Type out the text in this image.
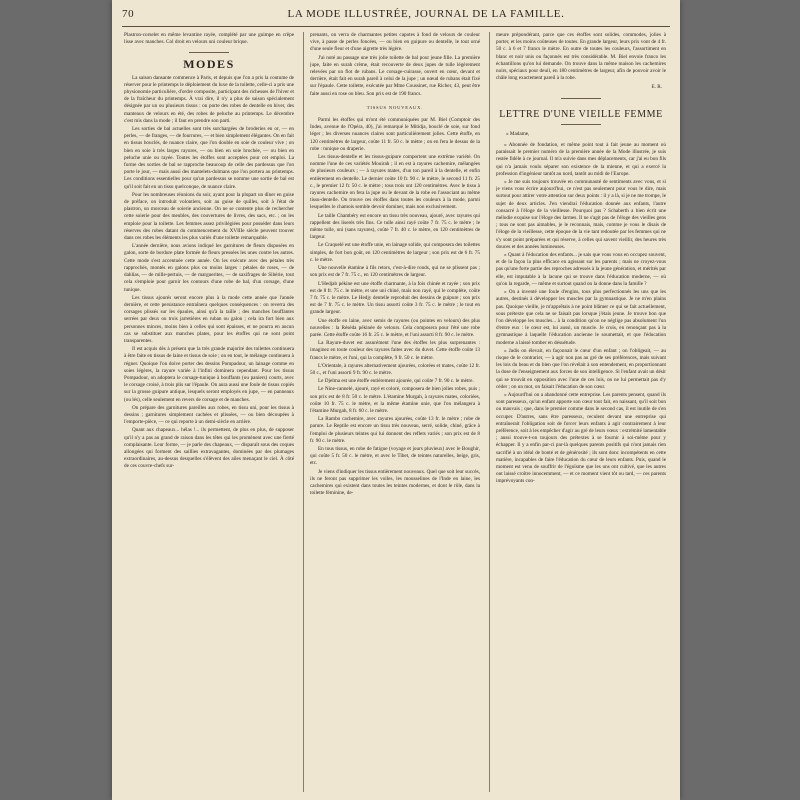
70	LA MODE ILLUSTRÉE, JOURNAL DE LA FAMILLE.

Plastron-corselet en même levantine rayée, complété par une guimpe en crêpe lisse avec manches. Col droit en velours uni couleur brique.

MODES

La saison dansante commence à Paris, et depuis que l'on a pris la coutume de réserver pour le printemps le déploiement du luxe de la toilette, celle-ci a pris une physionomie particulière, d'ordre composite, participant des richesses de l'hiver et de la fraîcheur du printemps. À vrai dire, il n'y a plus de saison spécialement désignée par un ou plusieurs tissus : on porte des robes de dentelle en hiver, des manteaux de velours en été, des robes de peluche au printemps. Le décembre c'est mis dans la mode ; il faut en prendre son parti.

Les sorties de bal actuelles sont très surchargées de broderies en or, — en perles, — de franges, — de fourrures, — et bien simplement élégantes. On en fait en tissus bouclés, de nuance claire, que l'on double en soie de couleur vive ; on bien en soie à très larges rayures, — ou bien en soie brochée, — ou bien en peluche unie ou rayée. Toutes les étoffes sont acceptées pour cet emploi. La forme des sorties de bal se rapproche beaucoup de celle des pardessus que l'on porte le jour, — mais aussi des mantelets-dolmans que l'on portera au printemps. Les conditions essentielles pour qu'un pardessus se nomme une sortie de bal est qu'il soit fait en un tissu quelconque, de nuance claire.

Pour les nombreuses réunions du soir, ayant pour la plupart un dîner en guise de préface, on introduit volontiers, soit au guise de quilles, soit à l'état de plastron, un morceau de soierie ancienne. On ne se contente plus de rechercher cette soierie pour des meubles, des couvertures de livres, des sacs, etc. ; on les emploie pour la toilette. Les femmes assez privilégiées pour posséder dans leurs réserves des robes datant du commencement du XVIIIe siècle peuvent trouver dans ces robes les éléments les plus variés d'une toilette remarquable.

L'année dernière, nous avions indiqué les garnitures de fleurs disposées en galon, sorte de bordure plate formée de fleurs pressées les unes contre les autres. Cette mode s'est accentuée cette année. On les exécute avec des pétales très rapprochés, montés en galons plus ou moins larges : pétales de roses, — de dahlias, — de mille-pertuis, — de marguerites, — de saxifrages de Sibérie, tout cela s'emploie pour garnir les contours d'une robe de bal, d'un corsage, d'une tunique.

Les tissus ajourés seront encore plus à la mode cette année que l'année dernière, et cette persistance entraînera quelques conséquences : on reverra des corsages plissés sur les épaules, ainsi qu'à la taille ; des manches bouffantes serrées par deux ou trois jarretières en ruban ou galon ; cela ira fort bien aux personnes minces, moins bien à celles qui sont épaisses, et ne pourra en aucun cas se substituer aux manches plates, pour les étoffes qui ne sont point transparentes.

Il est acquis dès à présent que la très grande majorité des toilettes continuera à être faite en tissus de laine et tissus de soie ; on en tout, le mélange continuera à régner. Quoique l'on doive porter des dessins Pompadour, un lainage comme en soies légères, la rayure variée à l'infini dominera cependant. Pour les tissus Pompadour, on adoptera le corsage-tunique à bouffants (ou paniers) courts, avec le corsage croisé, à trois plis sur l'épaule. On aura aussi une foule de tissus copiés sur la grosse guipure antique, lesquels seront employés en jupe, — en panneaux (ou lés), celle seulement en revers de corsage et de manches.

On prépare des garnitures pareilles aux robes, en tissu uni, pour les tissus à dessins ; garnitures simplement cachées et plissées, — ou bien découpées à l'emporte-pièce, — ce qui reporte à un demi-siècle en arrière.

Quant aux chapeaux... hélas !... ils permettent, de plus en plus, de supposer qu'il n'y a pas au grand de raison dans les têtes qui les promènent avec une fierté complaisante. Leur forme, — je parle des chapeaux, — disparaît sous des coques allongées qui forment des saillies extravagantes, dominées par des plumages extraordinaires, au-dessus desquelles s'élèvent des ailes menaçant le ciel. À côté de ces couvre-chefs sur-

prenants, on verra de charmantes petites capotes à fond de velours de couleur vive, à passe de perles foncées, — ou bien en guipure ou dentelle, le tout orné d'une seule fleur et d'une aigrette très légère.

J'ai noté au passage une très jolie toilette de bal pour jeune fille. La première jupe, faite en surah crème, était recouverte de deux jupes de tulle légèrement relevées par un flot de rubans. Le corsage-cuirasse, ouvert en cœur, devant et derrière, était fait en surah pareil à celui de la jupe ; un nœud de rubans était fixé sur l'épaule. Cette toilette, exécutée par Mme Coussinet, rue Richer, 43, peut être faite aussi en rose ou bleu. Son prix est de 190 francs.

TISSUS NOUVEAUX.

Parmi les étoffes qui m'ont été communiquées par M. Biel (Comptoir des Indes, avenue de l'Opéra, 40), j'ai remarqué le Mitidja, bouclé de soie, sur fond léger ; les diverses nuances claires sont particulièrement jolies. Cette étoffe, en 120 centimètres de largeur, coûte 11 fr. 50 c. le mètre ; on en fera le dessus de la robe : tunique ou draperie.

Les tissus-dentelle et les tissus-guipure comportent une extrême variété. On nomme l'une de ces variétés Mouirah ; il en est à rayures cachemire, mélangées de plusieurs couleurs ; — à rayures mates, d'un ton pareil à la dentelle, et enfin entièrement en dentelle. Le dernier coûte 10 fr. 90 c. le mètre, le second 11 fr. 25 c., le premier 12 fr. 50 c. le mètre ; tous trois ont 120 centimètres. Avec le tissu à rayures cachemire on fera la jupe ou le devant de la robe en l'associant au même tissu-dentelle. On trouve ces étoffes dans toutes les couleurs à la mode, parmi lesquelles le chamois semble devoir dominer, mais non exclusivement.

Le taille Chambéry est encore un tissu très nouveau, ajouré, avec rayures qui rappellent des liserés très fins. Ce tulle ainsi rayé coûte 7 fr. 75 c. le mètre ; le même tulle, uni (sans rayures), coûte 7 fr. 40 c. le mètre, en 120 centimètres de largeur.

Le Craquelé est une étoffe unie, en lainage solide, qui composera des toilettes simples, de fort bon goût, en 120 centimètres de largeur ; son prix est de 6 fr. 75 c. le mètre.

Une nouvelle étamine à fils retors, c'est-à-dire ronds, qui ne se plissent pas ; son prix est de 7 fr. 75 c., en 120 centimètres de largeur.

L'Hedjab pékine est une étoffe charmante, à la fois chinée et rayée ; son prix est de 8 fr. 75 c. le mètre, et une uni chiné, mais non rayé, qui le complète, coûte 7 fr. 75 c. le mètre. Le Hedjy dentelle reproduit des dessins de guipure ; son prix est de 7 fr. 75 c. le mètre. Un tissu assorti coûte 3 fr. 75 c. le mètre ; le tout en grande largeur.

Une étoffe en laine, avec semis de rayures (ou pointes en velours) des plus nouvelles : la Réséda pékinée de velours. Cela composera pour l'été une robe parée. Cette étoffe coûte 16 fr. 25 c. le mètre, et l'uni assorti 8 fr. 90 c. le mètre.

La Rayure-duvet est assurément l'une des étoffes les plus surprenantes : imaginez en toute couleur des rayures faites avec du duvet. Cette étoffe coûte 13 francs le mètre, et l'uni, qui la complète, 9 fr. 50 c. le mètre.

L'Orientale, à rayures alternativement ajourées, colorées et mates, coûte 12 fr. 50 c., et l'uni assorti 9 fr. 90 c. le mètre.

Le Djelma est une étoffe entièrement ajourée, qui coûte 7 fr. 90 c. le mètre.

Le Nine-cannelé, ajouré, rayé et coloré, composera de bien jolies robes, puis ; son prix est de 8 fr. 50 c. le mètre. L'étamine Murgah, à rayures mates, coloriées, coûte 10 fr. 75 c. le mètre, et la même étamine unie, que l'on mélangera à l'étamine Murgah, 8 fr. 60 c. le mètre.

La Rambo cachemire, avec rayures ajourées, coûte 13 fr. le mètre ; robe de parure. Le Reptile est encore un tissu très nouveau, serré, solide, chiné, grâce à l'emploi de plusieurs teintes qui lui donnent des reflets variés ; son prix est de 8 fr. 90 c. le mètre.

En tous tissus, en robe de fatigue (voyage et jours pluvieux) avec le Boughir, qui coûte 5 fr. 50 c. le mètre, et avec le Tibet, de teintes naturelles, beige, gris, etc.

Je viens d'indiquer les tissus entièrement nouveaux. Quel que soit leur succès, ils ne feront pas supprimer les voiles, les mousselines de l'Inde en laine, les cachemires qui existent dans toutes les teintes modernes, et dont le rôle, dans la toilette féminine, de-

meure prépondérant, parce que ces étoffes sont solides, commodes, jolies à porter, et les moins coûteuses de toutes. En grande largeur, leurs prix vont de 4 fr. 50 c. à 6 et 7 francs le mètre. En outre de toutes les couleurs, l'assortiment en blanc et noir unis ou façonnés est très considérable. M. Biel envoie franco les échantillons qu'on lui demande. On trouve dans la même maison les cachemires noirs, spéciaux pour deuil, en 180 centimètres de largeur, afin de pouvoir avoir le châle long exactement pareil à la robe.

E. R.

LETTRE D'UNE VIEILLE FEMME

« Madame,

« Abonnée de fondation, et même point tout à fait jeune au moment où paraissait le premier numéro de la première année de la Mode illustrée, je suis restée fidèle à ce journal. Il m'a suivie dans mes déplacements, car j'ai eu bon fils qui n'a jamais voulu séparer son existence de la mienne, et qui a exercé la profession d'ingénieur tantôt au nord, tantôt au midi de l'Europe.

« Je me suis toujours trouvée en communauté de sentiments avec vous, et si je viens vous écrire aujourd'hui, ce n'est pas seulement pour vous le dire, mais surtout pour attirer votre attention sur deux points : il y a là, si je ne me trompe, le sujet de deux articles. J'en viendrai l'éducation donnée aux enfants, l'autre consacré à l'éloge de la vieillesse. Pourquoi pas ? Schaberth a bien écrit une mélodie exquise sur l'éloge des larmes. Il ne s'agit pas de l'éloge des vieilles gens ; tous ne sont pas aimables, je le reconnais, mais, comme je vous le disais de l'éloge de la vieillesse, cette époque de la vie tant redoutée par les femmes qui ne s'y sont point préparées et qui réserve, à celles qui savent vieillir, des heures très douces et des années lumineuses.

« Quant à l'éducation des enfants... je sais que vous vous en occupez souvent, et de la façon la plus efficace en agissant sur les parents ; mais ne croyez-vous pas qu'une forte partie des reproches adressés à la jeune génération, et mérités par elle, est imputable à la lacune qui se trouve dans l'éducation moderne, — où qu'on la regarde, — même et surtout quand on la donne dans la famille ?

« On a inventé une foule d'engins, tous plus perfectionnés les uns que les autres, destinés à développer les muscles par la gymnastique. Je ne m'en plains pas. Quoique vieille, je m'apprêtais à ne point blâmer ce qui se fait actuellement, sous prétexte que cela ne se faisait pas lorsque j'étais jeune. Je trouve bon que l'on développe les muscles... à la condition qu'on ne néglige pas absolument l'un d'entre eux : le cœur est, lui aussi, un muscle. Je crois, en renonçant pas à la gymnastique à laquelle l'éducation ancienne le soumettait, et que l'éducation moderne a laissé tomber en désuétude.

« Jadis on élevait, en façonnait le cœur d'un enfant ; on l'obligeait, — au risque de le contrarier, — à agir non pas au gré de ses préférences, mais suivant les lois du beau et du bien que l'on révélait à son entendement, en proportionnant la dose de l'enseignement aux forces de son intelligence. Si l'enfant avait un désir qui se trouvât en opposition avec l'une de ces lois, on ne lui permettait pas d'y céder ; on un mot, on faisait l'éducation de son cœur.

« Aujourd'hui on a abandonné cette entreprise. Les parents pensent, quand ils sont paresseux, qu'un enfant apporte son cœur tout fait, en naissant, qu'il soit bon ou mauvais ; que, dans le premier comme dans le second cas, il est inutile de s'en occuper. D'autres, sans être paresseux, reculent devant une entreprise qui entraînerait l'obligation soit de forcer leurs enfants à agir contrairement à leur préférence, soit à les empêcher d'agir au gré de leurs vœux : extrémité lamentable ; aussi trouve-t-on toujours des prétextes à se fournir à soi-même pour y échapper. Il y a enfin par-ci par-là quelques parents positifs qui n'ont jamais rien sacrifié à un idéal de bonté et de générosité ; ils sont donc incompétents en cette matière, incapables de faire l'éducation du cœur de leurs enfants. Puis, quand le moment est venu de souffrir de l'égoïsme que les uns ont cultivé, que les autres ont laissé croître innocemment, — et ce moment vient tôt ou tard, — ces parents imprévoyants con-
